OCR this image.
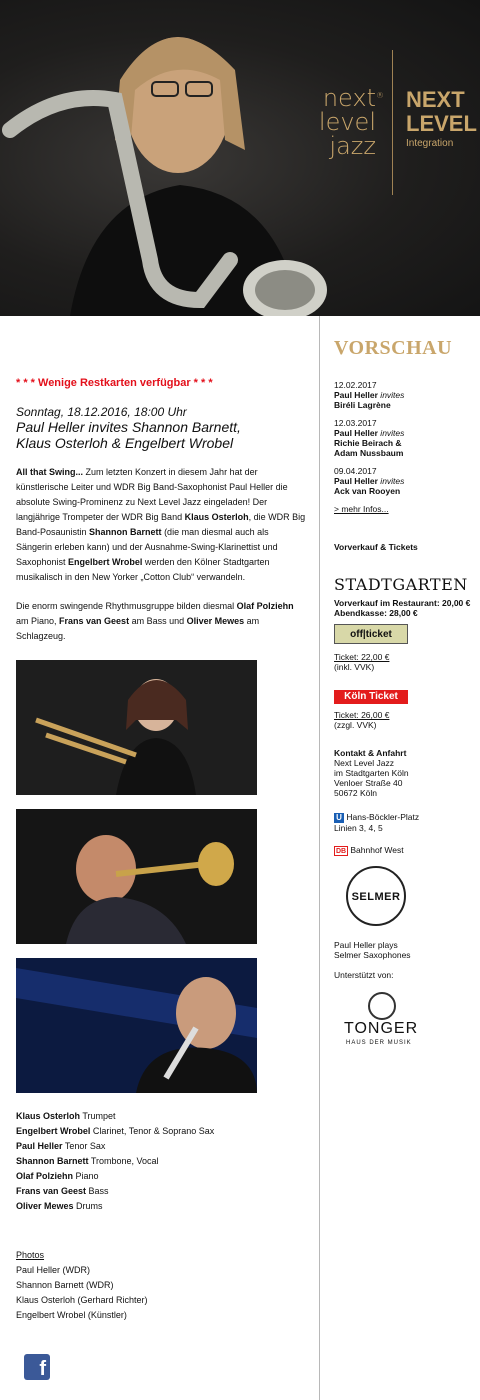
®
next
level
jazz
NEXT
LEVEL
Integration
* * * Wenige Restkarten verfügbar * * *
Sonntag, 18.12.2016, 18:00 Uhr
Paul Heller invites Shannon Barnett,
Klaus Osterloh & Engelbert Wrobel
All that Swing... Zum letzten Konzert in diesem Jahr hat der künstlerische Leiter und WDR Big Band-Saxophonist Paul Heller die absolute Swing-Prominenz zu Next Level Jazz eingeladen! Der langjährige Trompeter der WDR Big Band Klaus Osterloh, die WDR Big Band-Posaunistin Shannon Barnett (die man diesmal auch als Sängerin erleben kann) und der Ausnahme-Swing-Klarinettist und Saxophonist Engelbert Wrobel werden den Kölner Stadtgarten musikalisch in den New Yorker „Cotton Club“ verwandeln.
Die enorm swingende Rhythmusgruppe bilden diesmal Olaf Polziehn am Piano, Frans van Geest am Bass und Oliver Mewes am Schlagzeug.
Klaus Osterloh Trumpet
Engelbert Wrobel Clarinet, Tenor & Soprano Sax
Paul Heller Tenor Sax
Shannon Barnett Trombone, Vocal
Olaf Polziehn Piano
Frans van Geest Bass
Oliver Mewes Drums
Photos
Paul Heller (WDR)
Shannon Barnett (WDR)
Klaus Osterloh (Gerhard Richter)
Engelbert Wrobel (Künstler)
f
VORSCHAU
12.02.2017
Paul Heller invites
Biréli Lagrène
12.03.2017
Paul Heller invites
Richie Beirach & Adam Nussbaum
09.04.2017
Paul Heller invites
Ack van Rooyen
> mehr Infos...
Vorverkauf & Tickets
STADTGARTEN
Vorverkauf im Restaurant: 20,00 €
Abendkasse: 28,00 €
off|ticket
Ticket: 22,00 €
(inkl. VVK)
Köln Ticket
Ticket: 26,00 €
(zzgl. VVK)
Kontakt & Anfahrt
Next Level Jazz
im Stadtgarten Köln
Venloer Straße 40
50672 Köln
U Hans-Böckler-Platz
Linien 3, 4, 5
DB Bahnhof West
SELMER
Paul Heller plays
Selmer Saxophones
Unterstützt von:
TONGER
HAUS DER MUSIK
